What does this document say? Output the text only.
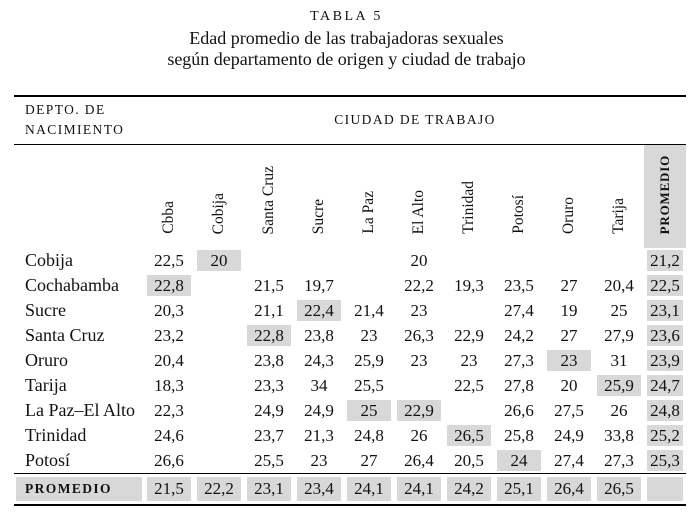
TABLA 5
Edad promedio de las trabajadoras sexuales
según departamento de origen y ciudad de trabajo
DEPTO. DE
NACIMIENTO	CIUDAD DE TRABAJO										
	Cbba	Cobija	Santa Cruz	Sucre	La Paz	El Alto	Trinidad	Potosí	Oruro	Tarija	PROMEDIO
Cobija	22,5	20				20					21,2

Cochabamba	22,8		21,5	19,7		22,2	19,3	23,5	27	20,4	22,5

Sucre	20,3		21,1	22,4	21,4	23		27,4	19	25	23,1

Santa Cruz	23,2		22,8	23,8	23	26,3	22,9	24,2	27	27,9	23,6

Oruro	20,4		23,8	24,3	25,9	23	23	27,3	23	31	23,9

Tarija	18,3		23,3	34	25,5		22,5	27,8	20	25,9	24,7

La Paz–El Alto	22,3		24,9	24,9	25	22,9		26,6	27,5	26	24,8

Trinidad	24,6		23,7	21,3	24,8	26	26,5	25,8	24,9	33,8	25,2

Potosí	26,6		25,5	23	27	26,4	20,5	24	27,4	27,3	25,3

PROMEDIO	21,5	22,2	23,1	23,4	24,1	24,1	24,2	25,1	26,4	26,5	
